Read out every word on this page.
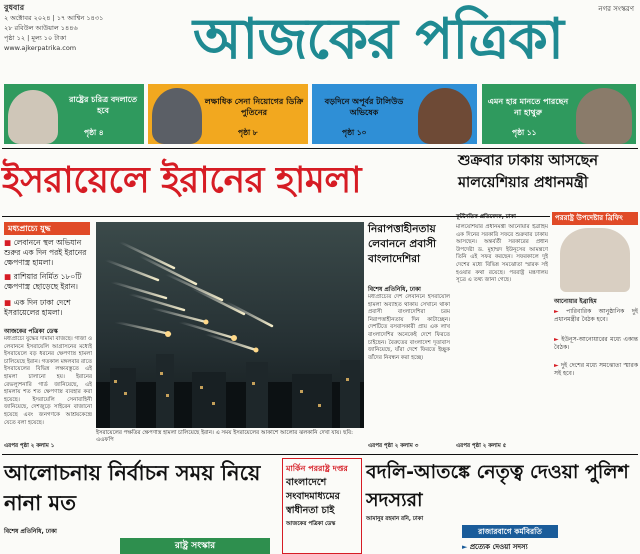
বুধবার
২ অক্টোবর ২০২৪ | ১৭ আশ্বিন ১৪৩১
২৮ রবিউল আউয়াল ১৪৪৬
পৃষ্ঠা ১২ | মূল্য ১০ টাকা
www.ajkerpatrika.com
নগর সংস্করণ
আজকের পত্রিকা
রাষ্ট্রের চরিত্র বদলাতে হবে
পৃষ্ঠা ৪
লক্ষাধিক সেনা নিয়োগের ডিক্রি পুতিনের
পৃষ্ঠা ৮
বড়দিনে অপূর্বর টালিউড অভিষেক
পৃষ্ঠা ১০
এমন হার মানতে পারছেন না হাথুরু
পৃষ্ঠা ১১
ইসরায়েলে ইরানের হামলা	শুক্রবার ঢাকায় আসছেন মালয়েশিয়ার প্রধানমন্ত্রী
মধ্যপ্রাচ্যে যুদ্ধ
■ লেবাননে স্থল অভিযান শুরুর এক দিন পরই ইরানের ক্ষেপণাস্ত্র হামলা।
■ রাশিয়ার নির্মিত ১৮০টি ক্ষেপণাস্ত্র ছোড়েছে ইরান।
■ এক দিন ঢাকা দেশে ইসরায়েলের হামলা।
আজকের পত্রিকা ডেস্ক
মধ্যপ্রাচ্যে যুদ্ধের দামামা বাজছে। গাজা ও লেবাননে ইসরায়েলি আগ্রাসনের মধ্যেই ইসরায়েলে বড় ধরনের ক্ষেপণাস্ত্র হামলা চালিয়েছে ইরান। গতকাল মঙ্গলবার রাতে ইসরায়েলের বিভিন্ন লক্ষ্যবস্তুতে এই হামলা চালানো হয়। ইরানের রেভল্যুশনারি গার্ড জানিয়েছে, এই হামলায় শত শত ক্ষেপণাস্ত্র ব্যবহার করা হয়েছে। ইসরায়েলি সেনাবাহিনী জানিয়েছে, দেশজুড়ে সাইরেন বাজানো হয়েছে এবং জনগণকে আশ্রয়কেন্দ্রে যেতে বলা হয়েছে।
এরপর পৃষ্ঠা ২ কলাম ১
ইসরায়েলের পক্ষতির ক্ষেপণাস্ত্র হামলা চালিয়েছে ইরান। এ সময় ইসরায়েলের আকাশে আলোর ঝলকানি দেখা যায়। ছবি: এএফপি
নিরাপত্তাহীনতায় লেবাননে প্রবাসী বাংলাদেশিরা
বিশেষ প্রতিনিধি, ঢাকা
মধ্যপ্রাচ্যের দেশ লেবাননে ইসরায়েলি হামলা অব্যাহত থাকায় সেখানে থাকা প্রবাসী বাংলাদেশিরা চরম নিরাপত্তাহীনতায় দিন কাটাচ্ছেন। দেশটিতে বসবাসকারী প্রায় এক লাখ বাংলাদেশির অনেকেই দেশে ফিরতে চাইছেন। বৈরুতের বাংলাদেশ দূতাবাস জানিয়েছে, যাঁরা দেশে ফিরতে ইচ্ছুক তাঁদের নিবন্ধন করা হচ্ছে।
এরপর পৃষ্ঠা ২ কলাম ৩
কূটনৈতিক প্রতিবেদক, ঢাকা
মালয়েশিয়ার প্রধানমন্ত্রী আনোয়ার ইব্রাহিম এক দিনের সরকারি সফরে শুক্রবার ঢাকায় আসছেন। অন্তর্বর্তী সরকারের প্রধান উপদেষ্টা ড. মুহাম্মদ ইউনূসের আমন্ত্রণে তিনি এই সফর করছেন। সফরকালে দুই দেশের মধ্যে বিভিন্ন সমঝোতা স্মারক সই হওয়ার কথা রয়েছে। পররাষ্ট্র মন্ত্রণালয় সূত্রে এ তথ্য জানা গেছে।
এরপর পৃষ্ঠা ২ কলাম ৫
পররাষ্ট্র উপদেষ্টার ব্রিফিং
আনোয়ার ইব্রাহিম
► পারিবারিক আনুষ্ঠানিক দুই প্রধানমন্ত্রীর বৈঠক হবে।
► ইউনূস-আনোয়ারের মধ্যে একান্ত বৈঠক।
► দুই দেশের মধ্যে সমঝোতা স্মারক সই হবে।
আলোচনায় নির্বাচন সময় নিয়ে নানা মত
বিশেষ প্রতিনিধি, ঢাকা
মার্কিন পররাষ্ট্র দপ্তর
বাংলাদেশে সংবাদমাধ্যমের স্বাধীনতা চাই
আজকের পত্রিকা ডেস্ক
বদলি-আতঙ্কে নেতৃত্ব দেওয়া পুলিশ সদস্যরা
আমানুর রহমান রনি, ঢাকা
রাষ্ট্র সংস্কার
রাজারবাগে কর্মবিরতি
► প্রত্যেক দেওয়া সদস্য
